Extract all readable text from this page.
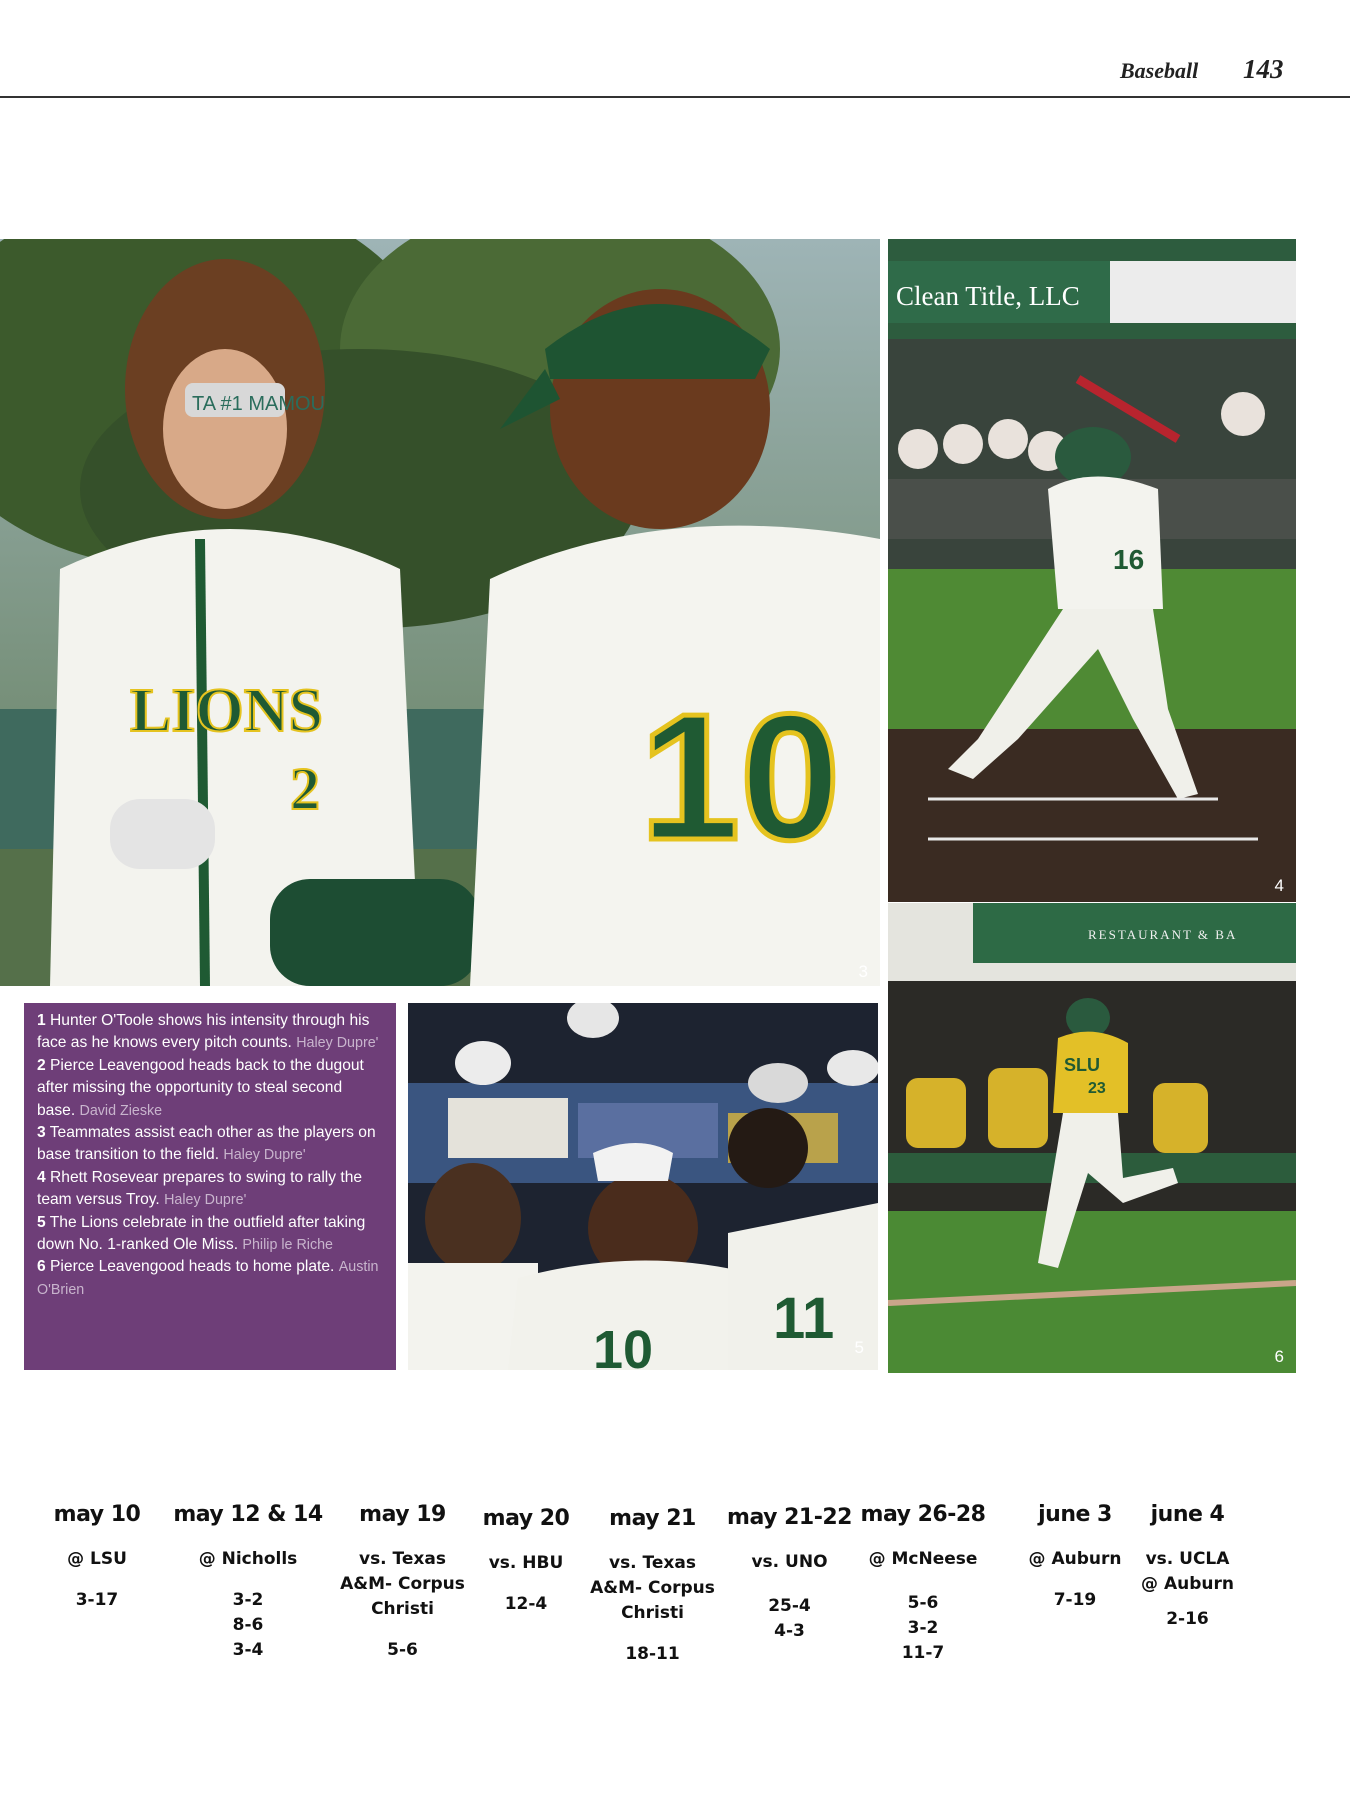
Baseball 143
TA #1 MAMOU
LIONS
2 10
3
Clean Title, LLC
16
4
10 11 5
RESTAURANT & BA
SLU
23
6

1 Hunter O'Toole shows his intensity through his face as he knows every pitch counts. Haley Dupre'

2 Pierce Leavengood heads back to the dugout after missing the opportunity to steal second base. David Zieske

3 Teammates assist each other as the players on base transition to the field. Haley Dupre'

4 Rhett Rosevear prepares to swing to rally the team versus Troy. Haley Dupre'

5 The Lions celebrate in the outfield after taking down No. 1-ranked Ole Miss. Philip le Riche

6 Pierce Leavengood heads to home plate. Austin O'Brien

may 10
@ LSU
3-17
may 12 & 14
@ Nicholls
3-2
8-6
3-4
may 19
vs. Texas
A&M- Corpus
Christi
5-6
may 20
vs. HBU
12-4
may 21
vs. Texas
A&M- Corpus
Christi
18-11
may 21-22
vs. UNO
25-4
4-3
may 26-28
@ McNeese
5-6
3-2
11-7
june 3
@ Auburn
7-19
june 4
vs. UCLA
@ Auburn
2-16
